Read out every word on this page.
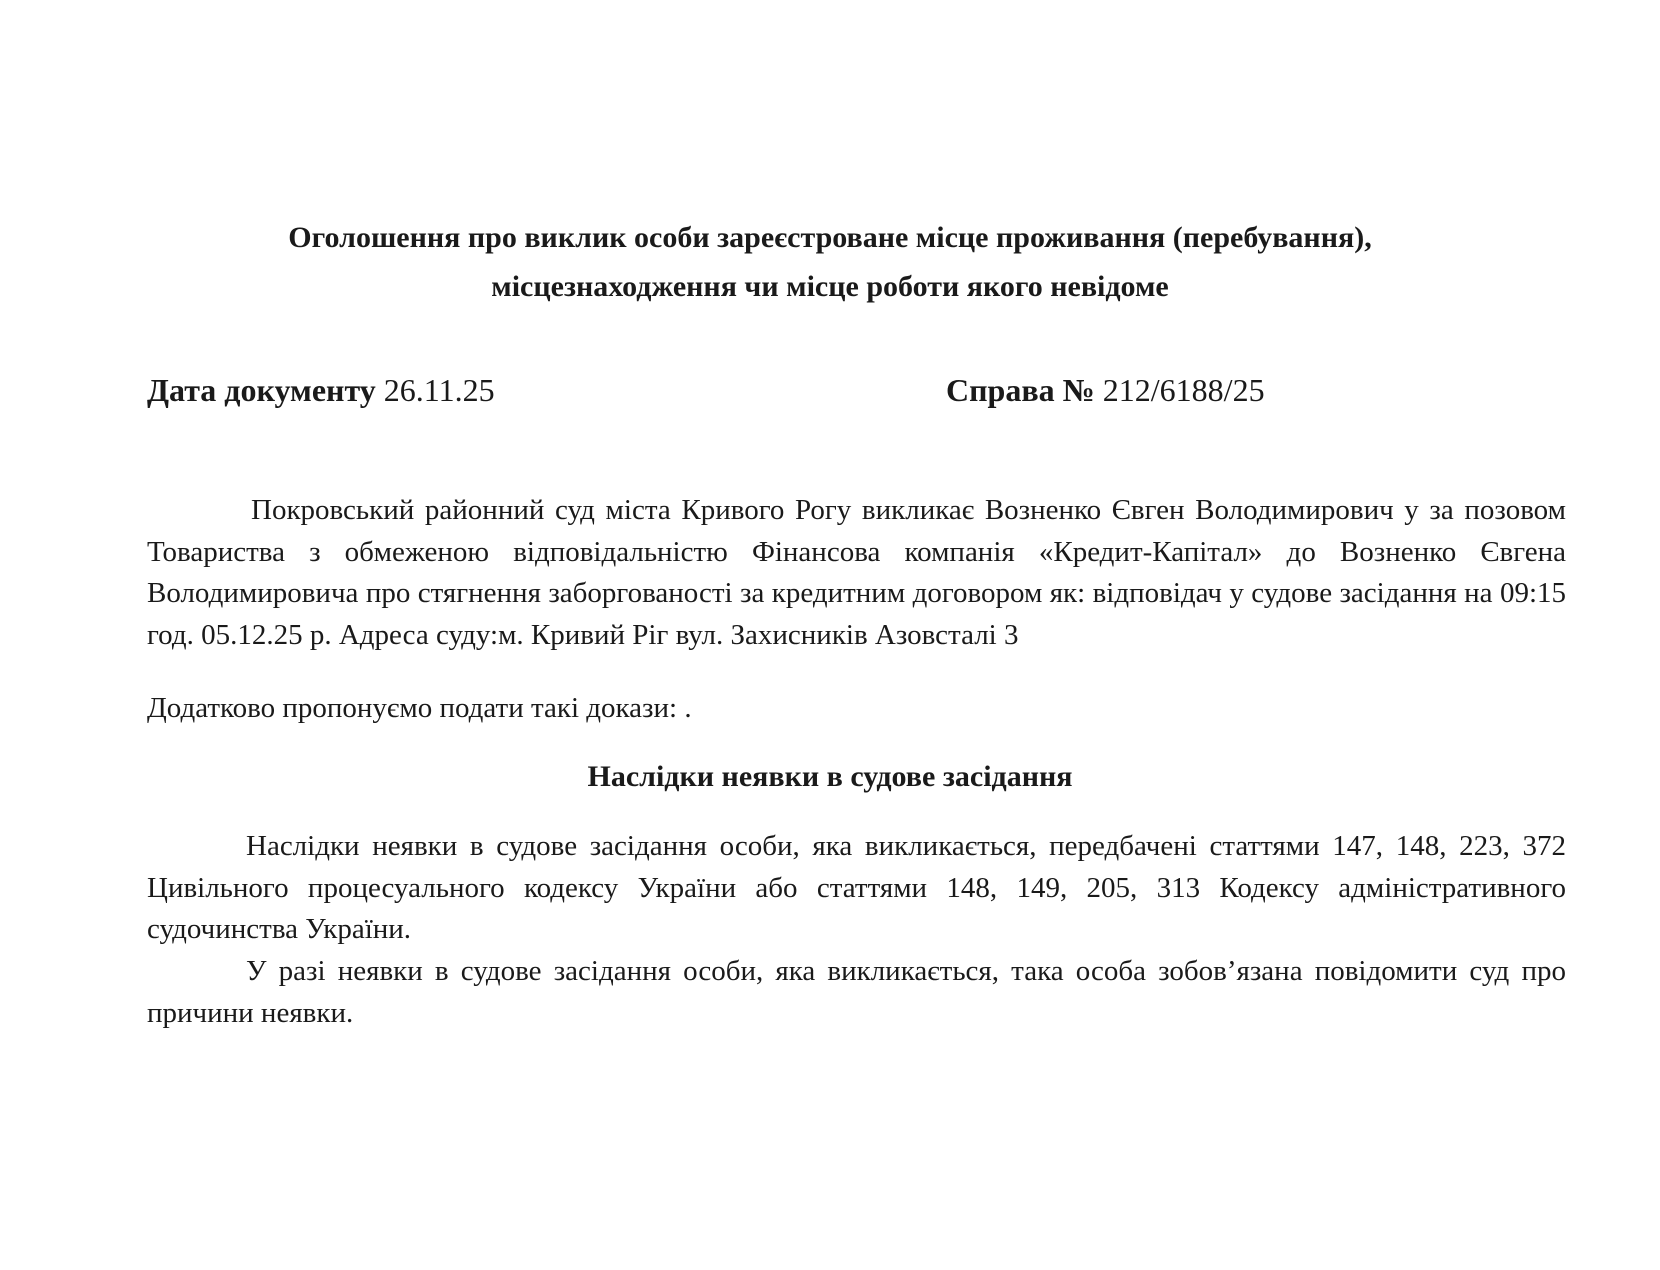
Оголошення про виклик особи зареєстроване місце проживання (перебування),
місцезнаходження чи місце роботи якого невідоме
Дата документу 26.11.25	Справа № 212/6188/25

Покровський районний суд міста Кривого Рогу викликає Возненко Євген Володимирович у за позовом Товариства з обмеженою відповідальністю Фінансова компанія «Кредит-Капітал» до Возненко Євгена Володимировича про стягнення заборгованості за кредитним договором як: відповідач у судове засідання на 09:15 год. 05.12.25 р. Адреса суду:м. Кривий Ріг вул. Захисників Азовсталі 3

Додатково пропонуємо подати такі докази: .

Наслідки неявки в судове засідання

Наслідки неявки в судове засідання особи, яка викликається, передбачені статтями 147, 148, 223, 372 Цивільного процесуального кодексу України або статтями 148, 149, 205, 313 Кодексу адміністративного судочинства України.

У разі неявки в судове засідання особи, яка викликається, така особа зобов’язана повідомити суд про причини неявки.
